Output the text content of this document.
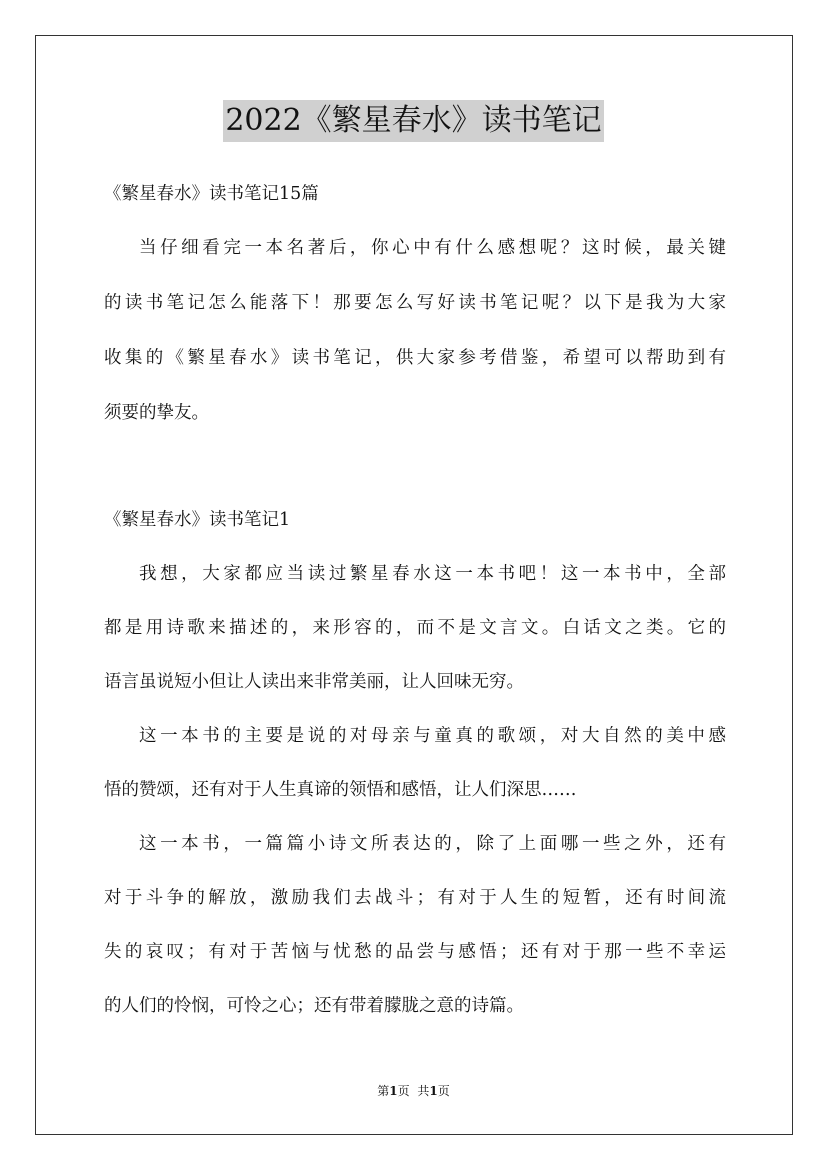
2022《繁星春水》读书笔记

《繁星春水》读书笔记15篇

当仔细看完一本名著后，你心中有什么感想呢？这时候，最关键

的读书笔记怎么能落下！那要怎么写好读书笔记呢？以下是我为大家

收集的《繁星春水》读书笔记，供大家参考借鉴，希望可以帮助到有

须要的挚友。

《繁星春水》读书笔记1

我想，大家都应当读过繁星春水这一本书吧！这一本书中，全部

都是用诗歌来描述的，来形容的，而不是文言文。白话文之类。它的

语言虽说短小但让人读出来非常美丽，让人回味无穷。

这一本书的主要是说的对母亲与童真的歌颂，对大自然的美中感

悟的赞颂，还有对于人生真谛的领悟和感悟，让人们深思……

这一本书，一篇篇小诗文所表达的，除了上面哪一些之外，还有

对于斗争的解放，激励我们去战斗；有对于人生的短暂，还有时间流

失的哀叹；有对于苦恼与忧愁的品尝与感悟；还有对于那一些不幸运

的人们的怜悯，可怜之心；还有带着朦胧之意的诗篇。

第1页 共1页
